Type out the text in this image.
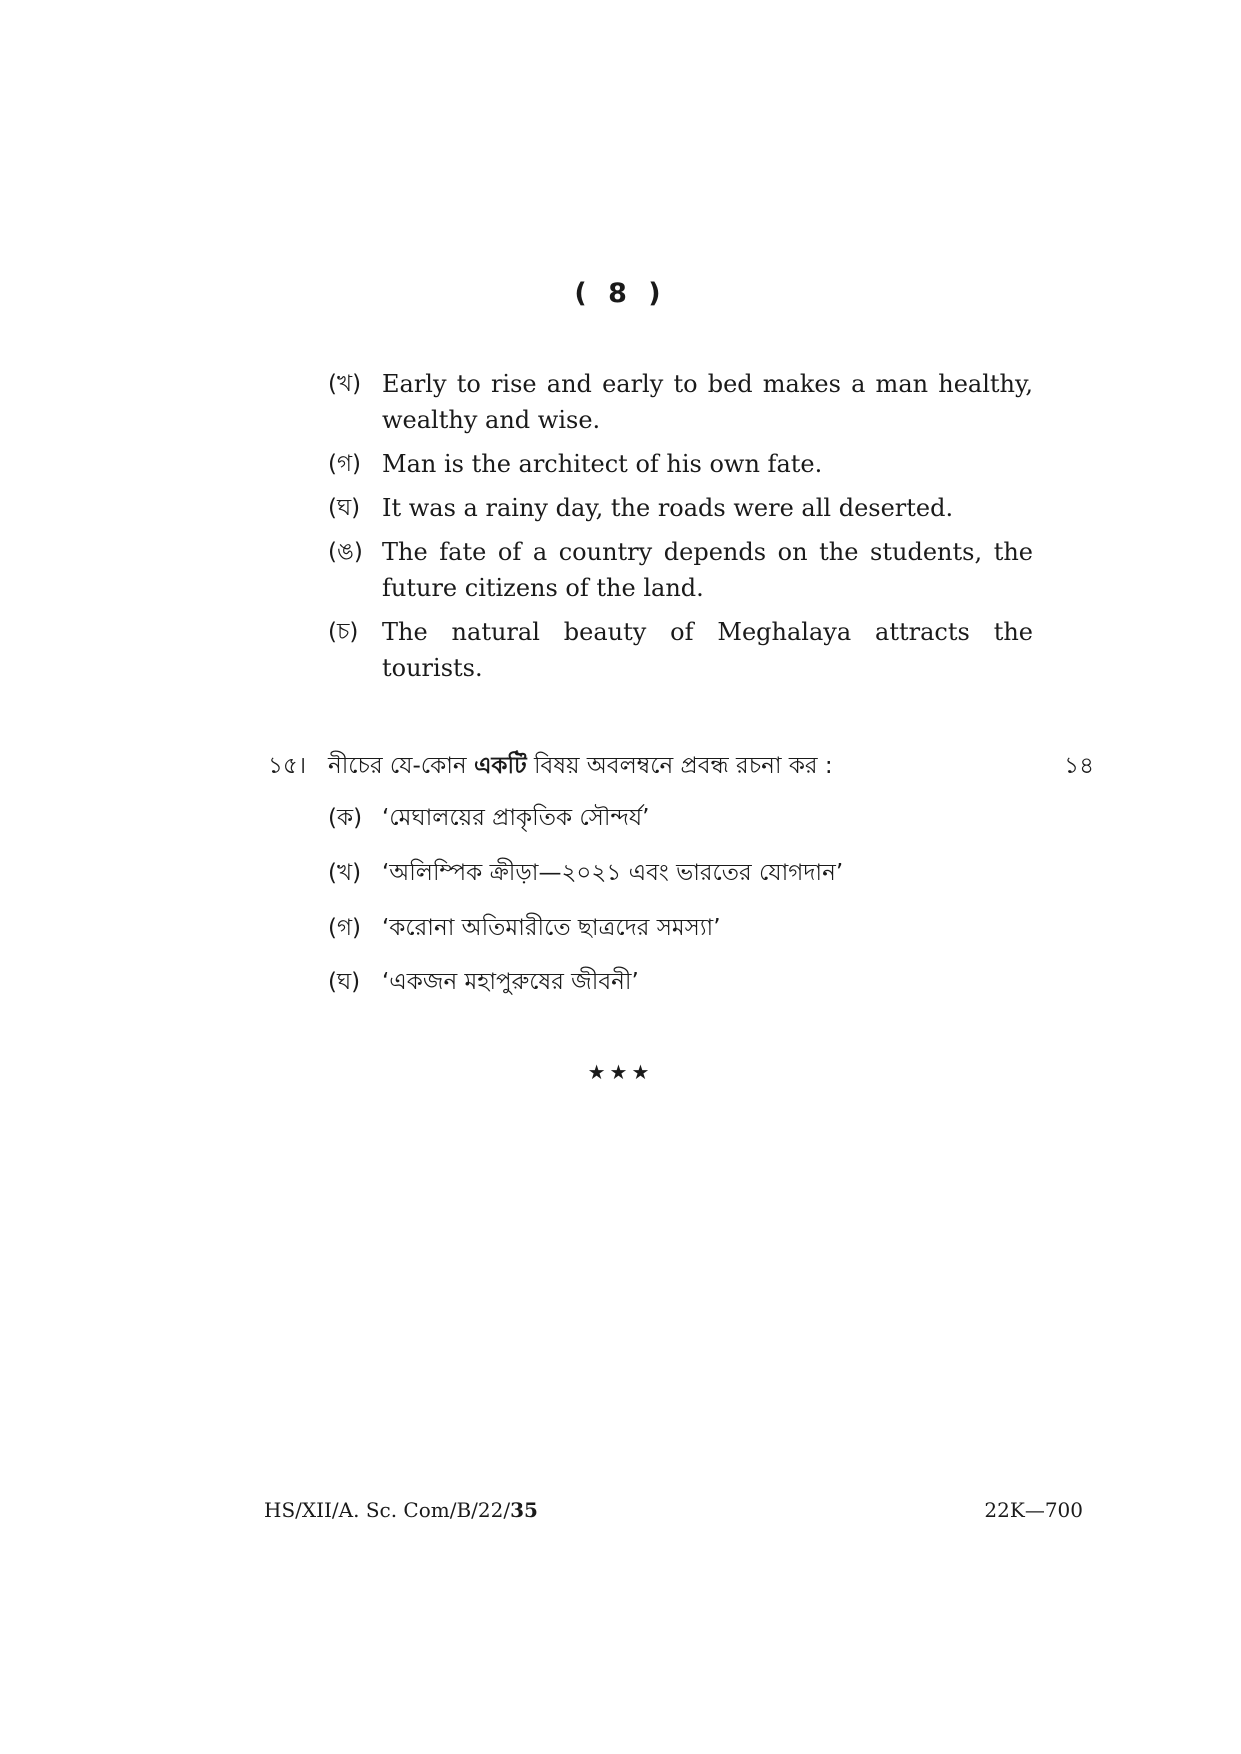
( 8 )
(খ) Early to rise and early to bed makes a man healthy, wealthy and wise.
(গ) Man is the architect of his own fate.
(ঘ) It was a rainy day, the roads were all deserted.
(ঙ) The fate of a country depends on the students, the future citizens of the land.
(চ) The natural beauty of Meghalaya attracts the tourists.
১৫। নীচের যে-কোন একটি বিষয় অবলম্বনে প্রবন্ধ রচনা কর :	১৪
(ক) ‘মেঘালয়ের প্রাকৃতিক সৌন্দর্য’
(খ) ‘অলিম্পিক ক্রীড়া—২০২১ এবং ভারতের যোগদান’
(গ) ‘করোনা অতিমারীতে ছাত্রদের সমস্যা’
(ঘ) ‘একজন মহাপুরুষের জীবনী’
★★★
HS/XII/A. Sc. Com/B/22/35	22K—700
